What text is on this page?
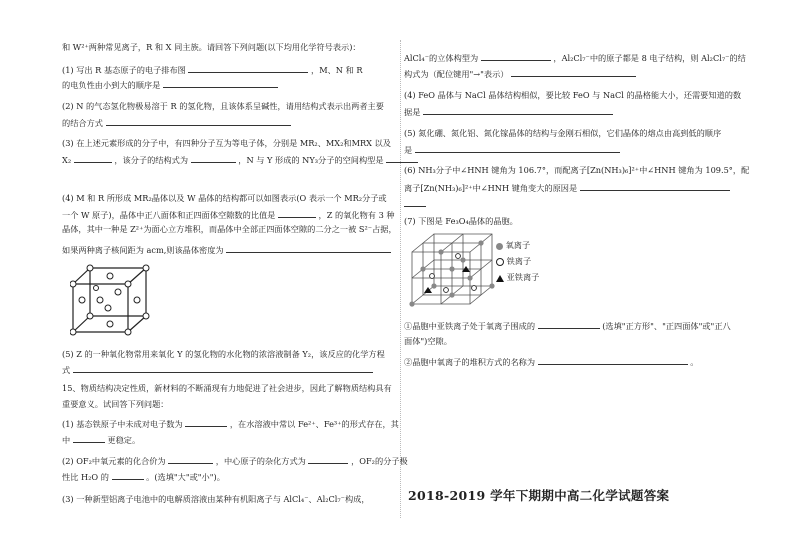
和 W²⁺两种常见离子，R 和 X 同主族。请回答下列问题(以下均用化学符号表示)：
(1) 写出 R 基态原子的电子排布图	，M、N 和 R
的电负性由小到大的顺序是
(2) N 的气态氢化物极易溶于 R 的氢化物，且该体系呈碱性，请用结构式表示出两者主要
的结合方式
(3) 在上述元素形成的分子中，有四种分子互为等电子体，分别是 MR₂、MX₂和MRX 以及
X₂	，该分子的结构式为	，N 与 Y 形成的 NY₃分子的空间构型是
(4) M 和 R 所形成 MR₂晶体以及 W 晶体的结构都可以如图表示(O 表示一个 MR₂分子或
一个 W 原子)，晶体中正八面体和正四面体空隙数的比值是	，Z 的氧化物有 3 种
晶体，其中一种是 Z²⁺为面心立方堆积，而晶体中全部正四面体空隙的二分之一被 S²⁻占据，
如果两种离子核间距为 acm,则该晶体密度为
(5) Z 的一种氧化物常用来氧化 Y 的氢化物的水化物的浓溶液制备 Y₂，该反应的化学方程
式
15、物质结构决定性质，新材料的不断涌现有力地促进了社会进步，因此了解物质结构具有
重要意义。试回答下列问题：
(1) 基态铁原子中未成对电子数为	，在水溶液中常以 Fe²⁺、Fe³⁺的形式存在，其
中	更稳定。
(2) OF₂中氧元素的化合价为	，中心原子的杂化方式为	，OF₂的分子极
性比 H₂O 的	。(选填"大"或"小")。
(3) 一种新型铝离子电池中的电解质溶液由某种有机阳离子与 AlCl₄⁻、Al₂Cl₇⁻构成，
AlCl₄⁻的立体构型为	，Al₂Cl₇⁻中的原子都是 8 电子结构，则 Al₂Cl₇⁻的结
构式为（配位键用"→"表示）
(4) FeO 晶体与 NaCl 晶体结构相似，要比较 FeO 与 NaCl 的晶格能大小，还需要知道的数
据是
(5) 氮化硼、氮化铝、氮化镓晶体的结构与金刚石相似，它们晶体的熔点由高到低的顺序
是
(6) NH₃分子中∠HNH 键角为 106.7°，而配离子[Zn(NH₃)₆]²⁺中∠HNH 键角为 109.5°，配
离子[Zn(NH₃)₆]²⁺中∠HNH 键角变大的原因是
(7) 下图是 Fe₃O₄晶体的晶胞。
氧离子
铁离子
亚铁离子
①晶胞中亚铁离子处于氧离子围成的	(选填"正方形"、"正四面体"或"正八
面体")空隙。
②晶胞中氧离子的堆积方式的名称为	。
2018-2019 学年下期期中高二化学试题答案
